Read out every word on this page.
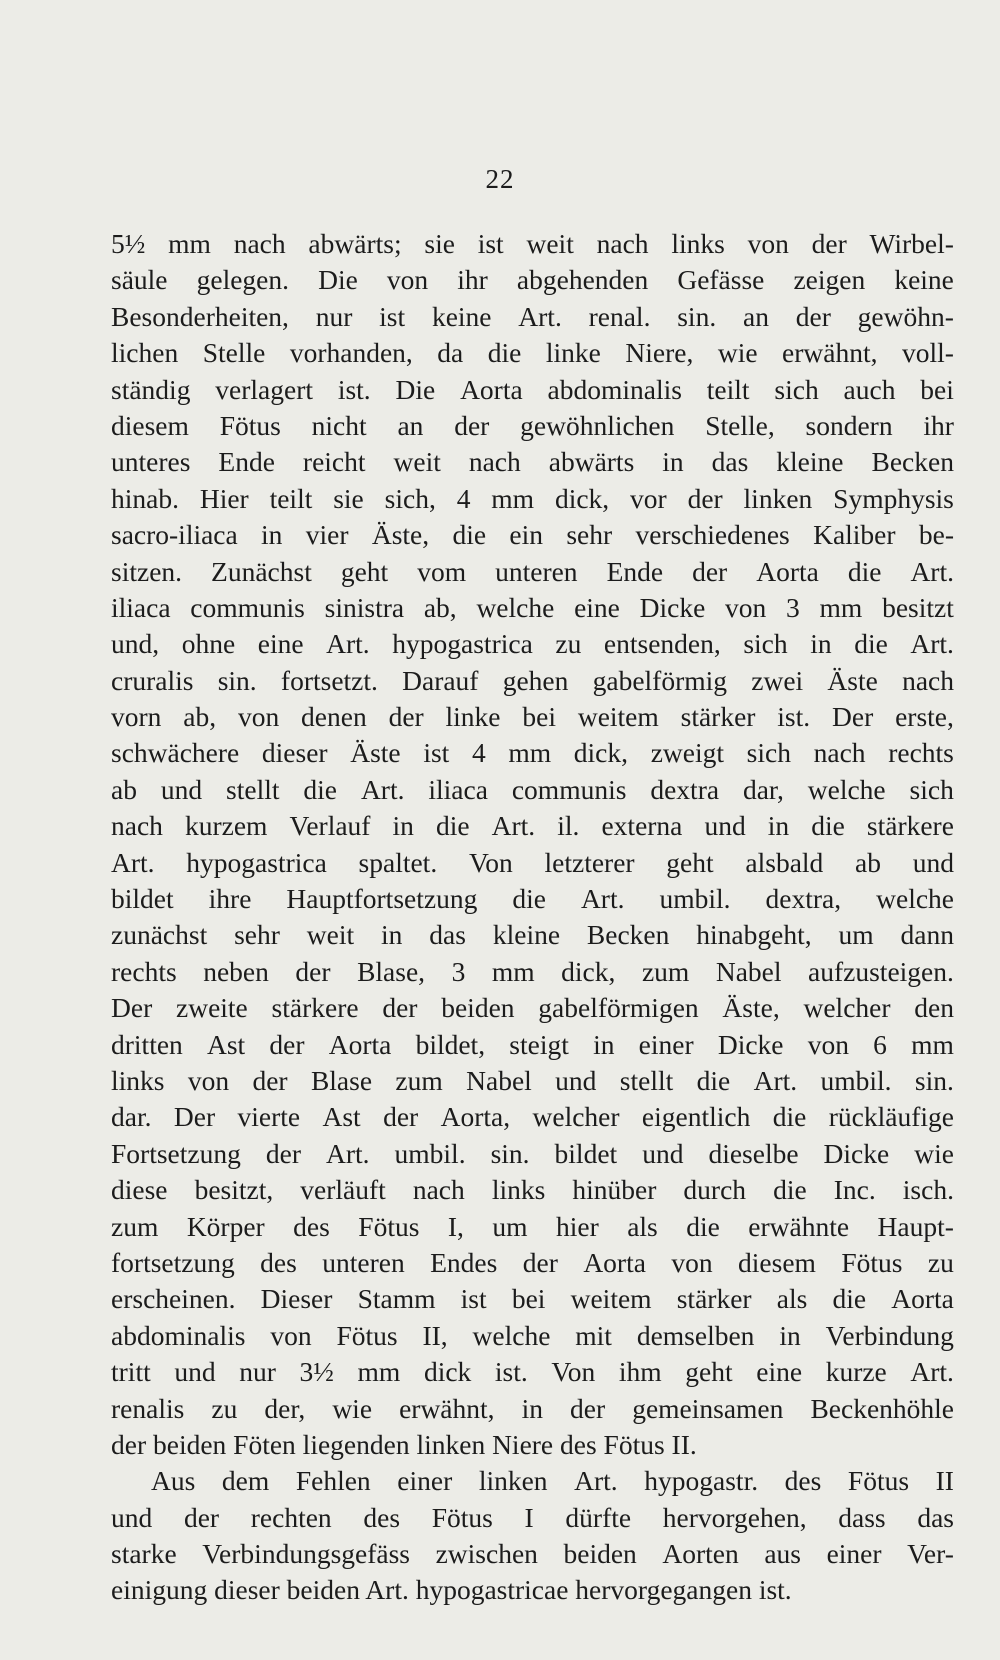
22
5½ mm nach abwärts; sie ist weit nach links von der Wirbel-
säule gelegen. Die von ihr abgehenden Gefässe zeigen keine
Besonderheiten, nur ist keine Art. renal. sin. an der gewöhn-
lichen Stelle vorhanden, da die linke Niere, wie erwähnt, voll-
ständig verlagert ist. Die Aorta abdominalis teilt sich auch bei
diesem Fötus nicht an der gewöhnlichen Stelle, sondern ihr
unteres Ende reicht weit nach abwärts in das kleine Becken
hinab. Hier teilt sie sich, 4 mm dick, vor der linken Symphysis
sacro-iliaca in vier Äste, die ein sehr verschiedenes Kaliber be-
sitzen. Zunächst geht vom unteren Ende der Aorta die Art.
iliaca communis sinistra ab, welche eine Dicke von 3 mm besitzt
und, ohne eine Art. hypogastrica zu entsenden, sich in die Art.
cruralis sin. fortsetzt. Darauf gehen gabelförmig zwei Äste nach
vorn ab, von denen der linke bei weitem stärker ist. Der erste,
schwächere dieser Äste ist 4 mm dick, zweigt sich nach rechts
ab und stellt die Art. iliaca communis dextra dar, welche sich
nach kurzem Verlauf in die Art. il. externa und in die stärkere
Art. hypogastrica spaltet. Von letzterer geht alsbald ab und
bildet ihre Hauptfortsetzung die Art. umbil. dextra, welche
zunächst sehr weit in das kleine Becken hinabgeht, um dann
rechts neben der Blase, 3 mm dick, zum Nabel aufzusteigen.
Der zweite stärkere der beiden gabelförmigen Äste, welcher den
dritten Ast der Aorta bildet, steigt in einer Dicke von 6 mm
links von der Blase zum Nabel und stellt die Art. umbil. sin.
dar. Der vierte Ast der Aorta, welcher eigentlich die rückläufige
Fortsetzung der Art. umbil. sin. bildet und dieselbe Dicke wie
diese besitzt, verläuft nach links hinüber durch die Inc. isch.
zum Körper des Fötus I, um hier als die erwähnte Haupt-
fortsetzung des unteren Endes der Aorta von diesem Fötus zu
erscheinen. Dieser Stamm ist bei weitem stärker als die Aorta
abdominalis von Fötus II, welche mit demselben in Verbindung
tritt und nur 3½ mm dick ist. Von ihm geht eine kurze Art.
renalis zu der, wie erwähnt, in der gemeinsamen Beckenhöhle
der beiden Föten liegenden linken Niere des Fötus II.
Aus dem Fehlen einer linken Art. hypogastr. des Fötus II
und der rechten des Fötus I dürfte hervorgehen, dass das
starke Verbindungsgefäss zwischen beiden Aorten aus einer Ver-
einigung dieser beiden Art. hypogastricae hervorgegangen ist.
